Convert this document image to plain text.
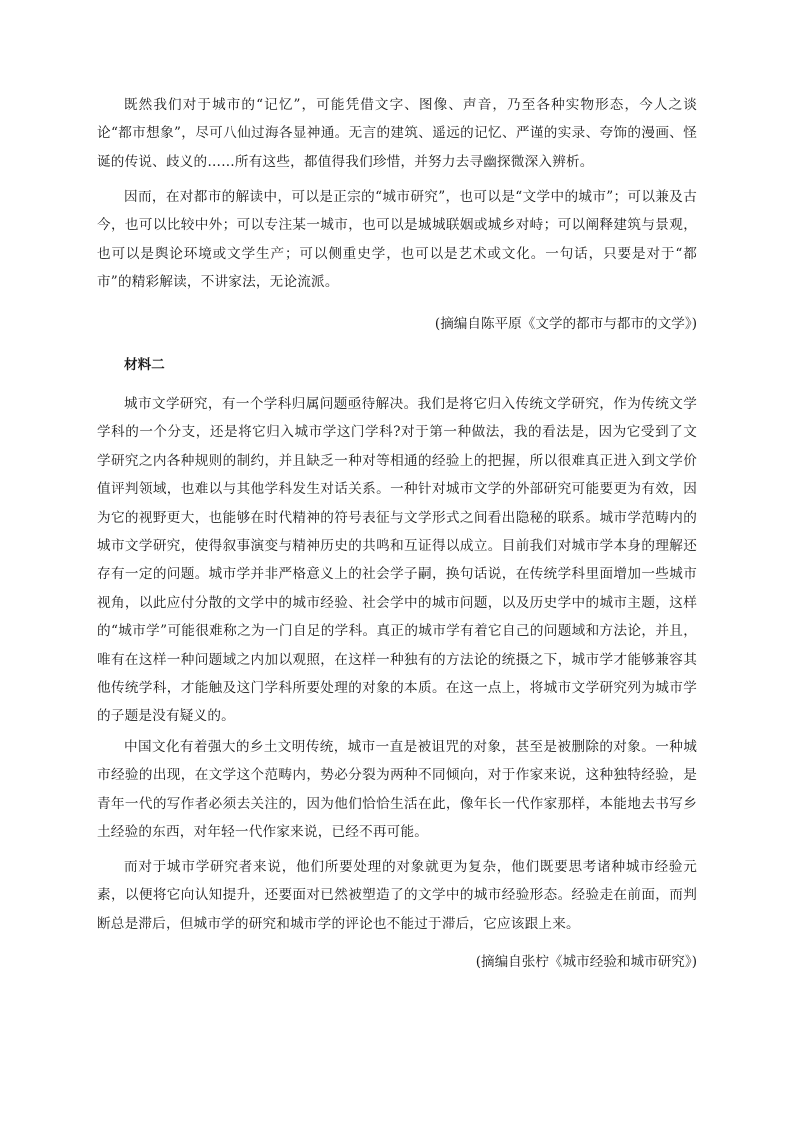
既然我们对于城市的“记忆”，可能凭借文字、图像、声音，乃至各种实物形态，今人之谈论“都市想象”，尽可八仙过海各显神通。无言的建筑、遥远的记忆、严谨的实录、夸饰的漫画、怪诞的传说、歧义的……所有这些，都值得我们珍惜，并努力去寻幽探微深入辨析。

因而，在对都市的解读中，可以是正宗的“城市研究”，也可以是“文学中的城市”；可以兼及古今，也可以比较中外；可以专注某一城市，也可以是城城联姻或城乡对峙；可以阐释建筑与景观，也可以是舆论环境或文学生产；可以侧重史学，也可以是艺术或文化。一句话，只要是对于“都市”的精彩解读，不讲家法，无论流派。

(摘编自陈平原《文学的都市与都市的文学》)

材料二

城市文学研究，有一个学科归属问题亟待解决。我们是将它归入传统文学研究，作为传统文学学科的一个分支，还是将它归入城市学这门学科?对于第一种做法，我的看法是，因为它受到了文学研究之内各种规则的制约，并且缺乏一种对等相通的经验上的把握，所以很难真正进入到文学价值评判领域，也难以与其他学科发生对话关系。一种针对城市文学的外部研究可能要更为有效，因为它的视野更大，也能够在时代精神的符号表征与文学形式之间看出隐秘的联系。城市学范畴内的城市文学研究，使得叙事演变与精神历史的共鸣和互证得以成立。目前我们对城市学本身的理解还存有一定的问题。城市学并非严格意义上的社会学子嗣，换句话说，在传统学科里面增加一些城市视角，以此应付分散的文学中的城市经验、社会学中的城市问题，以及历史学中的城市主题，这样的“城市学”可能很难称之为一门自足的学科。真正的城市学有着它自己的问题域和方法论，并且，唯有在这样一种问题域之内加以观照，在这样一种独有的方法论的统摄之下，城市学才能够兼容其他传统学科，才能触及这门学科所要处理的对象的本质。在这一点上，将城市文学研究列为城市学的子题是没有疑义的。

中国文化有着强大的乡土文明传统，城市一直是被诅咒的对象，甚至是被删除的对象。一种城市经验的出现，在文学这个范畴内，势必分裂为两种不同倾向，对于作家来说，这种独特经验，是青年一代的写作者必须去关注的，因为他们恰恰生活在此，像年长一代作家那样，本能地去书写乡土经验的东西，对年轻一代作家来说，已经不再可能。

而对于城市学研究者来说，他们所要处理的对象就更为复杂，他们既要思考诸种城市经验元素，以便将它向认知提升，还要面对已然被塑造了的文学中的城市经验形态。经验走在前面，而判断总是滞后，但城市学的研究和城市学的评论也不能过于滞后，它应该跟上来。

(摘编自张柠《城市经验和城市研究》)
